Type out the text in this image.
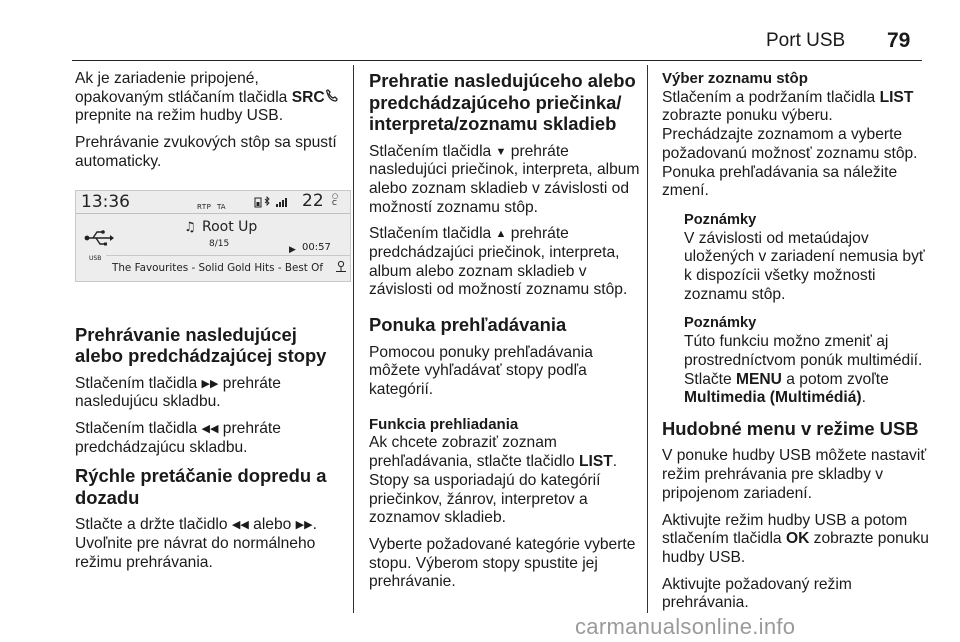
Port USB 79

Ak je zariadenie pripojené, opakovaným stláčaním tlačidla SRC prepnite na režim hudby USB.

Prehrávanie zvukových stôp sa spustí automaticky.

13:36	RTP TA	22 ○
C
♫ Root Up
8/15
▶ 00:57
USB
The Favourites - Solid Gold Hits - Best Of
Prehrávanie nasledujúcej alebo predchádzajúcej stopy

Stlačením tlačidla ▶▶ prehráte nasledujúcu skladbu.

Stlačením tlačidla ◀◀ prehráte predchádzajúcu skladbu.

Rýchle pretáčanie dopredu a dozadu

Stlačte a držte tlačidlo ◀◀ alebo ▶▶. Uvoľnite pre návrat do normálneho režimu prehrávania.

Prehratie nasledujúceho alebo predchádzajúceho priečinka/ interpreta/zoznamu skladieb

Stlačením tlačidla ▼ prehráte nasledujúci priečinok, interpreta, album alebo zoznam skladieb v závislosti od možností zoznamu stôp.

Stlačením tlačidla ▲ prehráte predchádzajúci priečinok, interpreta, album alebo zoznam skladieb v závislosti od možností zoznamu stôp.

Ponuka prehľadávania

Pomocou ponuky prehľadávania môžete vyhľadávať stopy podľa kategórií.

Funkcia prehliadania

Ak chcete zobraziť zoznam prehľadávania, stlačte tlačidlo LIST. Stopy sa usporiadajú do kategórií priečinkov, žánrov, interpretov a zoznamov skladieb.

Vyberte požadované kategórie vyberte stopu. Výberom stopy spustite jej prehrávanie.

Výber zoznamu stôp

Stlačením a podržaním tlačidla LIST zobrazte ponuku výberu.

Prechádzajte zoznamom a vyberte požadovanú možnosť zoznamu stôp. Ponuka prehľadávania sa náležite zmení.

Poznámky

V závislosti od metaúdajov uložených v zariadení nemusia byť k dispozícii všetky možnosti zoznamu stôp.

Poznámky

Túto funkciu možno zmeniť aj prostredníctvom ponúk multimédií. Stlačte MENU a potom zvoľte Multimedia (Multimédiá).

Hudobné menu v režime USB

V ponuke hudby USB môžete nastaviť režim prehrávania pre skladby v pripojenom zariadení.

Aktivujte režim hudby USB a potom stlačením tlačidla OK zobrazte ponuku hudby USB.

Aktivujte požadovaný režim prehrávania.

carmanualsonline.info
